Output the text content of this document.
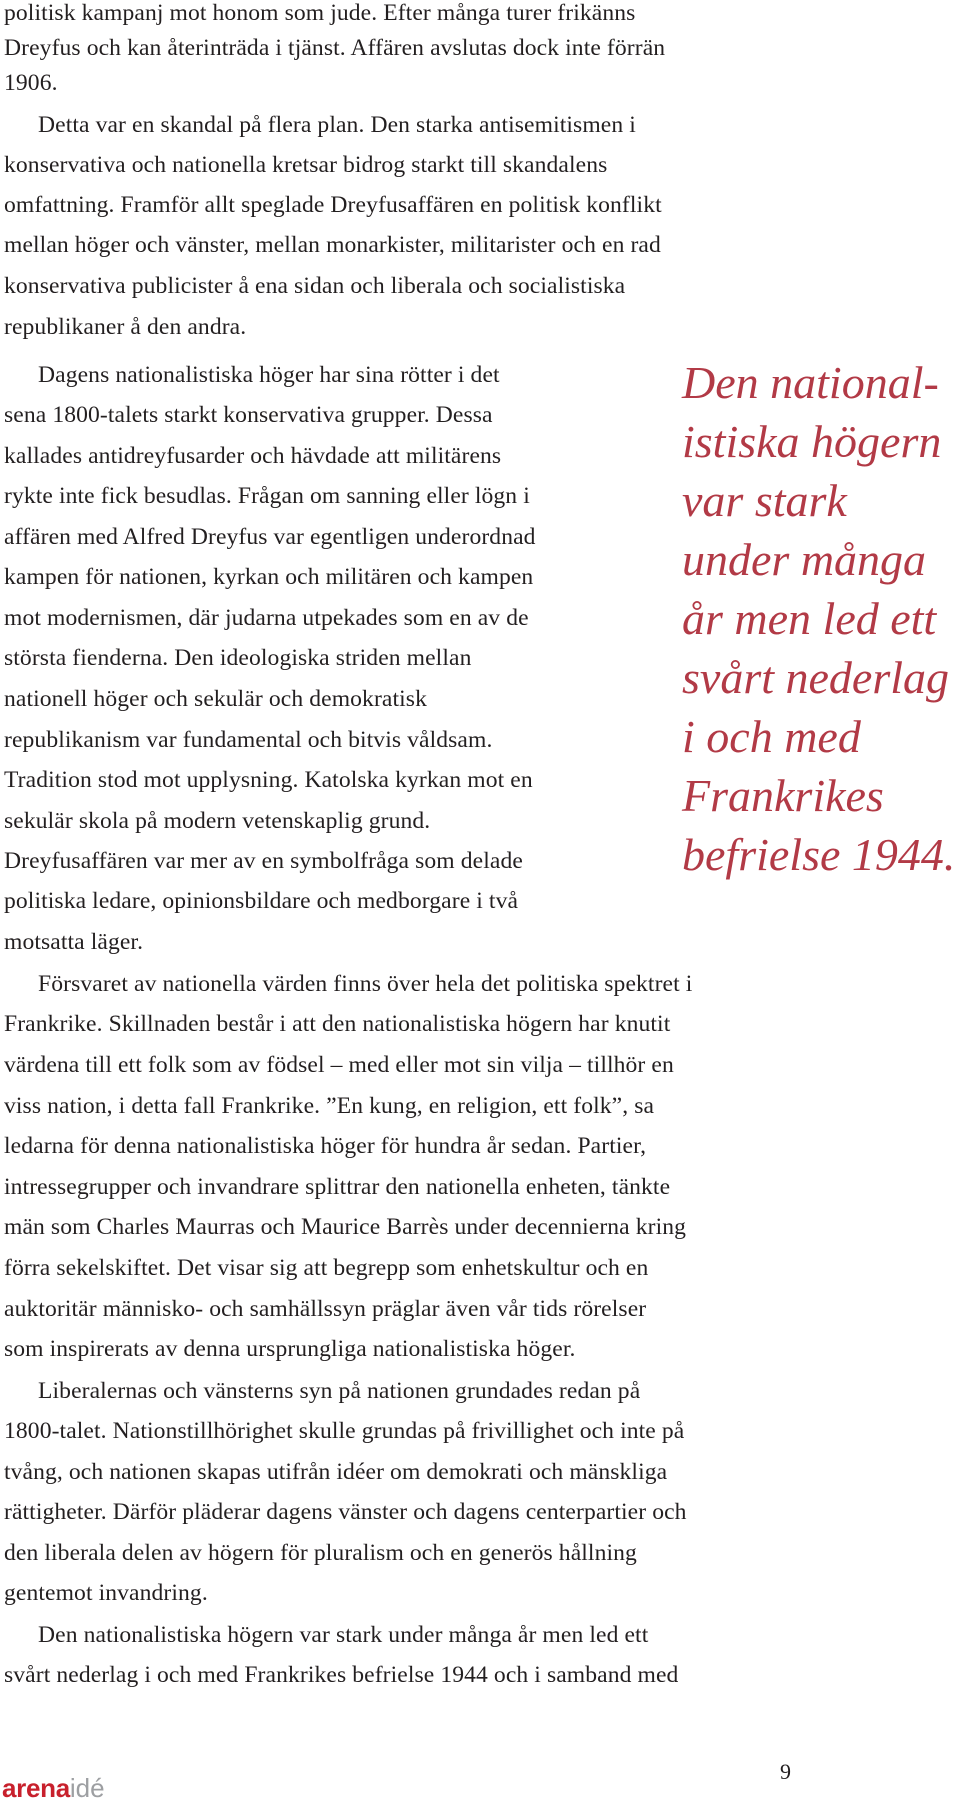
politisk kampanj mot honom som jude. Efter många turer frikänns
Dreyfus och kan återinträda i tjänst. Affären avslutas dock inte förrän
1906.
Detta var en skandal på flera plan. Den starka antisemitismen i
konservativa och nationella kretsar bidrog starkt till skandalens
omfattning. Framför allt speglade Dreyfusaffären en politisk konflikt
mellan höger och vänster, mellan monarkister, militarister och en rad
konservativa publicister å ena sidan och liberala och socialistiska
republikaner å den andra.
Dagens nationalistiska höger har sina rötter i det
sena 1800-talets starkt konservativa grupper. Dessa
kallades antidreyfusarder och hävdade att militärens
rykte inte fick besudlas. Frågan om sanning eller lögn i
affären med Alfred Dreyfus var egentligen underordnad
kampen för nationen, kyrkan och militären och kampen
mot modernismen, där judarna utpekades som en av de
största fienderna. Den ideologiska striden mellan
nationell höger och sekulär och demokratisk
republikanism var fundamental och bitvis våldsam.
Tradition stod mot upplysning. Katolska kyrkan mot en
sekulär skola på modern vetenskaplig grund.
Dreyfusaffären var mer av en symbolfråga som delade
politiska ledare, opinionsbildare och medborgare i två
motsatta läger.
Försvaret av nationella värden finns över hela det politiska spektret i
Frankrike. Skillnaden består i att den nationalistiska högern har knutit
värdena till ett folk som av födsel – med eller mot sin vilja – tillhör en
viss nation, i detta fall Frankrike. ”En kung, en religion, ett folk”, sa
ledarna för denna nationalistiska höger för hundra år sedan. Partier,
intressegrupper och invandrare splittrar den nationella enheten, tänkte
män som Charles Maurras och Maurice Barrès under decennierna kring
förra sekelskiftet. Det visar sig att begrepp som enhetskultur och en
auktoritär människo- och samhällssyn präglar även vår tids rörelser
som inspirerats av denna ursprungliga nationalistiska höger.
Liberalernas och vänsterns syn på nationen grundades redan på
1800-talet. Nationstillhörighet skulle grundas på frivillighet och inte på
tvång, och nationen skapas utifrån idéer om demokrati och mänskliga
rättigheter. Därför pläderar dagens vänster och dagens centerpartier och
den liberala delen av högern för pluralism och en generös hållning
gentemot invandring.
Den nationalistiska högern var stark under många år men led ett
svårt nederlag i och med Frankrikes befrielse 1944 och i samband med
Den national-
istiska högern
var stark
under många
år men led ett
svårt nederlag
i och med
Frankrikes
befrielse 1944.
arenaidé
9
